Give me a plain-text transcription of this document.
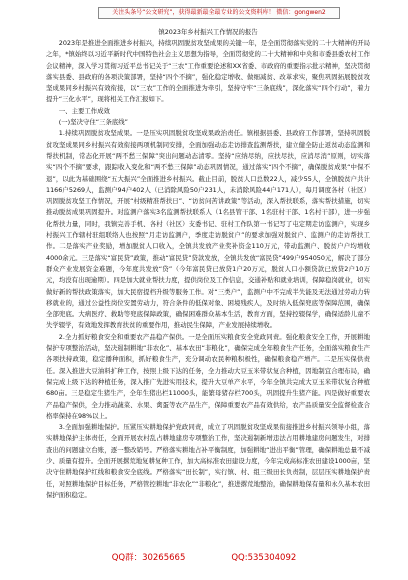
关注头条号“公文研究”，获得最新最全最专业的公文资料库！ 微信：gongwen2

镇2023年乡村振兴工作情况的报告

2023年是推进全面推进乡村振兴，持续巩固脱贫攻坚成果的关键一年，是全面贯彻落实党的二十大精神的开局之年，*镇始终以习近平新时代中国特色社会主义思想为指导，全面贯彻党的二十大精神和中央和市委县委农村工作会议精神，深入学习贯彻习近平总书记关于“三农”工作重要论述和XX省委、市政府的重要指示批示精神，坚决贯彻落实县委、县政府的各项决策部署，坚持“四个不摘”，强化稳定增收、做细减贫、改革求实，聚焦巩固拓展脱贫攻坚成果同乡村振兴有效衔接，以“三农”工作的全面推进为牵引，坚持守牢“三条底线”，深化落实“四个行动”，着力提升“三化水平”，现将相关工作汇报如下。

一、主要工作成效

(一)坚决守住“三条底线”

1.持续巩固脱贫攻坚成果。一是压实巩固脱贫攻坚成果政治责任。镇根据县委、县政府工作部署，坚持巩固脱贫攻坚成果同乡村振兴有效衔接两项机制同安排，全面加强动态走访排查监测帮扶，建立健全防止返贫动态监测和帮扶机制，常态化开展“两不愁三保障”突出问题动态清零。坚持“应纳尽纳，应扶尽扶，应消尽消”原则，切实落实“四个不摘”要求，跟踪收入变化和“两不愁三保障”动态巩固情况，通过落实“四个不摘”，确保脱贫成果“中保不退”，以此为基础围绕“五大振兴”全面推进乡村振兴。截止目前，脱贫人口总数22人，减少55人，全镇脱贫户共计1166户5269人，监测户94户402人（已消除风险50户231人，未消除风险44户171人），每月调度各村（社区）巩固脱贫攻坚工作情况，开展“村级精准帮扶日”、“访贫问苦讲政策”等活动，深入帮扶联系，落实帮扶措施，切实推动脱贫成果巩固提升。对监测户落实3名监测帮扶联系人（1名县管干部、1名驻村干部、1名村干部），进一步强化帮扶力量，同时，我镇完善手机、各村（社区）支委书记、驻村工作队第一书记写了屯定期走访监测户，实现乡村振兴工作辖村驻组联络人也按照“月走访监测户，季度走访脱贫户”的要求加强对脱贫户、监测户的走访帮扶工作。二是落实产业奖励，增加脱贫人口收入，全镇共发放产业奖补资金110万元，带动监测户、脱贫户户均增收4000余元。三是落实“富民贷”政策，推动“富民贷”贷款发放，全镇共发放“富民贷”499户954050元，解决了部分群众产业发展资金难题，今年度共发放“贷”（今年富民贷已放贷1户20万元，脱贫人口小额贷款已放贷2户10万元，均没有出现逾期）。四是加大就业帮扶力度，提供岗位及工作信息，交通补贴和就业培训，保障稳岗就业，切实做好新的帮扶政策落实，加大民宿提档升级等服务工作。对“三类户”，监测户中不完成半失能及无法通过劳动力转移就业的，通过公益性岗位安置劳动力，符合条件的低保对象、困境残疾人，及时纳入低保兜底等保障范围，确保全部兜底。大病医疗、救助等兜底保障政策，确保困难群众基本生活，教育方面，坚持控辍保学，确保适龄儿童不失学辍学，有效地发挥教育扶贫的重要作用，推动民生保障，产业发展持续增收。

2.全力抓好粮食安全和重要农产品稳产保供。一是全面压实粮食安全党政同责。强化粮食安全工作，开展耕地保护专项整治活动，坚决遏制耕地“非农化”、基本农田“非粮化”，确保完成全年粮食生产任务，全面落实粮食生产各项扶持政策，稳定播种面积，抓好粮食生产，充分调动农民种粮积极性，确保粮食稳产增产。二是压实保供责任。深入推进大豆油料扩种工作，按照上级下达的任务，全力推动大豆玉米带状复合种植，因地制宜合理布局，确保完成上级下达的种植任务，深入推广先进实用技术，提升大豆单产水平，今年全镇共完成大豆玉米带状复合种植680亩。三是稳定生猪生产，全年生猪出栏11000头，能繁母猪存栏700头，巩固提升生猪产能。四是做好重要农产品稳产保供，全力推动蔬菜、水果、禽蛋等农产品生产，保障重要农产品有效供给，农产品质量安全监督检查合格率保持在98%以上。

3.全面加强耕地保护。压紧压实耕地保护党政同责，成立了巩固脱贫攻坚成果衔接推进乡村振兴领导小组，落实耕地保护主体责任，全面开展农村乱占耕地建房专项整治工作，坚决遏制新增违法占用耕地建房问题发生，对排查出的问题建立台账，逐一整改销号。严格落实耕地占补平衡制度，加强耕地“进出平衡”管理，确保耕地总量不减少、质量有提升。全面开展撂荒地复耕复种工作，加大高标准农田建设力度，今年完成高标准农田建设1000亩，坚决守住耕地保护红线和粮食安全底线。严格落实“田长制”，实行镇、村、组三级田长负责制，层层压实耕地保护责任，对照耕地保护目标任务，严格管控耕地“非农化”“非粮化”，推进撂荒地整治，确保耕地保有量和永久基本农田保护面积稳定。

QQ群：30265665	QQ:535304092
